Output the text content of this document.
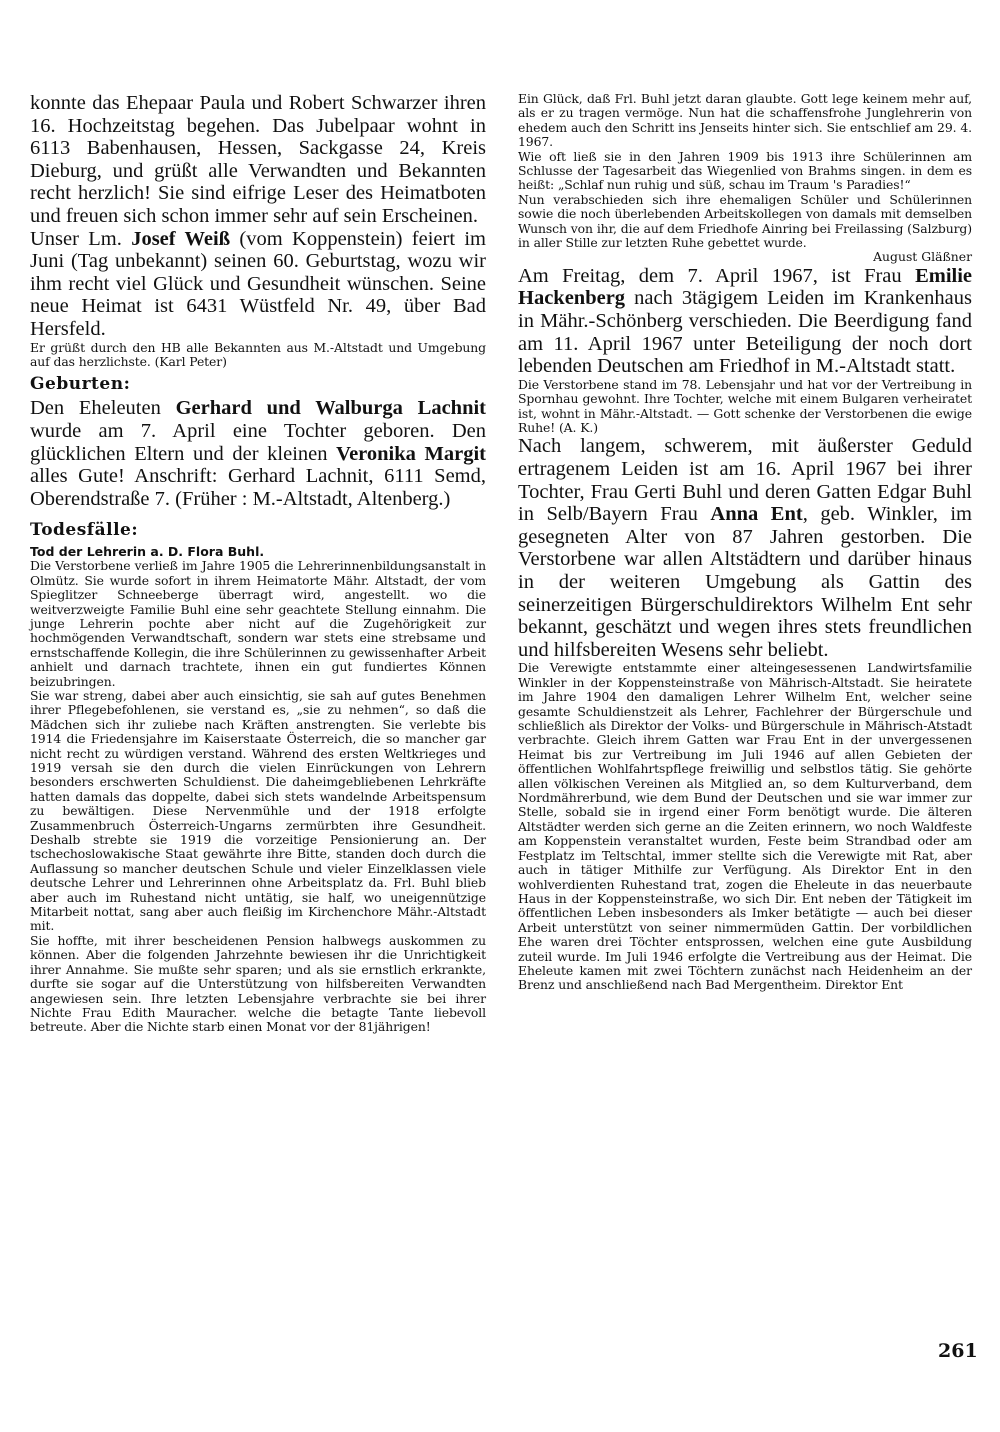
konnte das Ehepaar Paula und Robert Schwarzer ihren 16. Hochzeitstag begehen. Das Jubelpaar wohnt in 6113 Babenhausen, Hessen, Sackgasse 24, Kreis Dieburg, und grüßt alle Verwandten und Bekannten recht herzlich! Sie sind eifrige Leser des Heimatboten und freuen sich schon immer sehr auf sein Erscheinen.

Unser Lm. Josef Weiß (vom Koppenstein) feiert im Juni (Tag unbekannt) seinen 60. Geburtstag, wozu wir ihm recht viel Glück und Gesundheit wünschen. Seine neue Heimat ist 6431 Wüstfeld Nr. 49, über Bad Hersfeld.

Er grüßt durch den HB alle Bekannten aus M.-Altstadt und Umgebung auf das herzlichste. (Karl Peter)

Geburten:

Den Eheleuten Gerhard und Walburga Lachnit wurde am 7. April eine Tochter geboren. Den glücklichen Eltern und der kleinen Veronika Margit alles Gute! Anschrift: Gerhard Lachnit, 6111 Semd, Oberendstraße 7. (Früher : M.-Altstadt, Altenberg.)

Todesfälle:
Tod der Lehrerin a. D. Flora Buhl.

Die Verstorbene verließ im Jahre 1905 die Lehrerinnenbildungsanstalt in Olmütz. Sie wurde sofort in ihrem Heimatorte Mähr. Altstadt, der vom Spieglitzer Schneeberge überragt wird, angestellt. wo die weitverzweigte Familie Buhl eine sehr geachtete Stellung einnahm. Die junge Lehrerin pochte aber nicht auf die Zugehörigkeit zur hochmögenden Verwandtschaft, sondern war stets eine strebsame und ernstschaffende Kollegin, die ihre Schülerinnen zu gewissenhafter Arbeit anhielt und darnach trachtete, ihnen ein gut fundiertes Können beizubringen.

Sie war streng, dabei aber auch einsichtig, sie sah auf gutes Benehmen ihrer Pflegebefohlenen, sie verstand es, „sie zu nehmen“, so daß die Mädchen sich ihr zuliebe nach Kräften anstrengten. Sie verlebte bis 1914 die Friedensjahre im Kaiserstaate Österreich, die so mancher gar nicht recht zu würdigen verstand. Während des ersten Weltkrieges und 1919 versah sie den durch die vielen Einrückungen von Lehrern besonders erschwerten Schuldienst. Die daheimgebliebenen Lehrkräfte hatten damals das doppelte, dabei sich stets wandelnde Arbeitspensum zu bewältigen. Diese Nervenmühle und der 1918 erfolgte Zusammenbruch Österreich-Ungarns zermürbten ihre Gesundheit. Deshalb strebte sie 1919 die vorzeitige Pensionierung an. Der tschechoslowakische Staat gewährte ihre Bitte, standen doch durch die Auflassung so mancher deutschen Schule und vieler Einzelklassen viele deutsche Lehrer und Lehrerinnen ohne Arbeitsplatz da. Frl. Buhl blieb aber auch im Ruhestand nicht untätig, sie half, wo uneigennützige Mitarbeit nottat, sang aber auch fleißig im Kirchenchore Mähr.-Altstadt mit.

Sie hoffte, mit ihrer bescheidenen Pension halbwegs auskommen zu können. Aber die folgenden Jahrzehnte bewiesen ihr die Unrichtigkeit ihrer Annahme. Sie mußte sehr sparen; und als sie ernstlich erkrankte, durfte sie sogar auf die Unterstützung von hilfsbereiten Verwandten angewiesen sein. Ihre letzten Lebensjahre verbrachte sie bei ihrer Nichte Frau Edith Mauracher. welche die betagte Tante liebevoll betreute. Aber die Nichte starb einen Monat vor der 81jährigen!

Ein Glück, daß Frl. Buhl jetzt daran glaubte. Gott lege keinem mehr auf, als er zu tragen vermöge. Nun hat die schaffensfrohe Junglehrerin von ehedem auch den Schritt ins Jenseits hinter sich. Sie entschlief am 29. 4. 1967.

Wie oft ließ sie in den Jahren 1909 bis 1913 ihre Schülerinnen am Schlusse der Tagesarbeit das Wiegenlied von Brahms singen. in dem es heißt: „Schlaf nun ruhig und süß, schau im Traum 's Paradies!“

Nun verabschieden sich ihre ehemaligen Schüler und Schülerinnen sowie die noch überlebenden Arbeitskollegen von damals mit demselben Wunsch von ihr, die auf dem Friedhofe Ainring bei Freilassing (Salzburg) in aller Stille zur letzten Ruhe gebettet wurde.

August Gläßner

Am Freitag, dem 7. April 1967, ist Frau Emilie Hackenberg nach 3tägigem Leiden im Krankenhaus in Mähr.-Schönberg verschieden. Die Beerdigung fand am 11. April 1967 unter Beteiligung der noch dort lebenden Deutschen am Friedhof in M.-Altstadt statt.

Die Verstorbene stand im 78. Lebensjahr und hat vor der Vertreibung in Spornhau gewohnt. Ihre Tochter, welche mit einem Bulgaren verheiratet ist, wohnt in Mähr.-Altstadt. — Gott schenke der Verstorbenen die ewige Ruhe! (A. K.)

Nach langem, schwerem, mit äußerster Geduld ertragenem Leiden ist am 16. April 1967 bei ihrer Tochter, Frau Gerti Buhl und deren Gatten Edgar Buhl in Selb/Bayern Frau Anna Ent, geb. Winkler, im gesegneten Alter von 87 Jahren gestorben. Die Verstorbene war allen Altstädtern und darüber hinaus in der weiteren Umgebung als Gattin des seinerzeitigen Bürgerschuldirektors Wilhelm Ent sehr bekannt, geschätzt und wegen ihres stets freundlichen und hilfsbereiten Wesens sehr beliebt.

Die Verewigte entstammte einer alteingesessenen Landwirtsfamilie Winkler in der Koppensteinstraße von Mährisch-Altstadt. Sie heiratete im Jahre 1904 den damaligen Lehrer Wilhelm Ent, welcher seine gesamte Schuldienstzeit als Lehrer, Fachlehrer der Bürgerschule und schließlich als Direktor der Volks- und Bürgerschule in Mährisch-Atstadt verbrachte. Gleich ihrem Gatten war Frau Ent in der unvergessenen Heimat bis zur Vertreibung im Juli 1946 auf allen Gebieten der öffentlichen Wohlfahrtspflege freiwillig und selbstlos tätig. Sie gehörte allen völkischen Vereinen als Mitglied an, so dem Kulturverband, dem Nordmährerbund, wie dem Bund der Deutschen und sie war immer zur Stelle, sobald sie in irgend einer Form benötigt wurde. Die älteren Altstädter werden sich gerne an die Zeiten erinnern, wo noch Waldfeste am Koppenstein veranstaltet wurden, Feste beim Strandbad oder am Festplatz im Teltschtal, immer stellte sich die Verewigte mit Rat, aber auch in tätiger Mithilfe zur Verfügung. Als Direktor Ent in den wohlverdienten Ruhestand trat, zogen die Eheleute in das neuerbaute Haus in der Koppensteinstraße, wo sich Dir. Ent neben der Tätigkeit im öffentlichen Leben insbesonders als Imker betätigte — auch bei dieser Arbeit unterstützt von seiner nimmermüden Gattin. Der vorbildlichen Ehe waren drei Töchter entsprossen, welchen eine gute Ausbildung zuteil wurde. Im Juli 1946 erfolgte die Vertreibung aus der Heimat. Die Eheleute kamen mit zwei Töchtern zunächst nach Heidenheim an der Brenz und anschließend nach Bad Mergentheim. Direktor Ent

261
